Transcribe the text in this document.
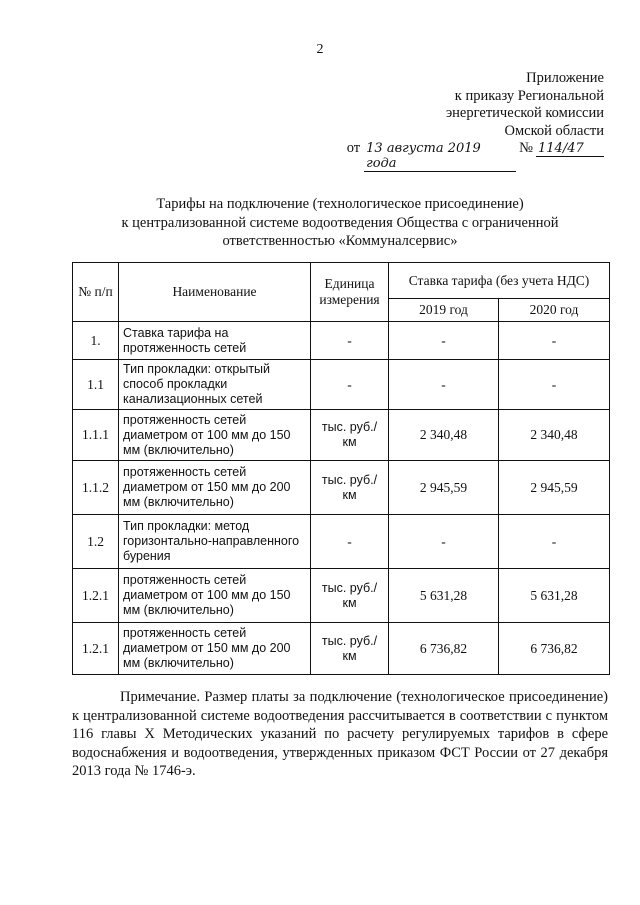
2
Приложение
к приказу Региональной
энергетической комиссии
Омской области
от 13 августа 2019 года
№ 114/47
Тарифы на подключение (технологическое присоединение)
к централизованной системе водоотведения Общества с ограниченной
ответственностью «Коммуналсервис»
№ п/п	Наименование	Единица измерения	Ставка тарифа (без учета НДС)	
			2019 год	2020 год
1.	Ставка тарифа на протяженность сетей	-	-	-
1.1	Тип прокладки: открытый способ прокладки канализационных сетей	-	-	-
1.1.1	протяженность сетей диаметром от 100 мм до 150 мм (включительно)	тыс. руб./ км	2 340,48	2 340,48
1.1.2	протяженность сетей диаметром от 150 мм до 200 мм (включительно)	тыс. руб./ км	2 945,59	2 945,59
1.2	Тип прокладки: метод горизонтально-направленного бурения	-	-	-
1.2.1	протяженность сетей диаметром от 100 мм до 150 мм (включительно)	тыс. руб./ км	5 631,28	5 631,28
1.2.1	протяженность сетей диаметром от 150 мм до 200 мм (включительно)	тыс. руб./ км	6 736,82	6 736,82
Примечание. Размер платы за подключение (технологическое присоединение) к централизованной системе водоотведения рассчитывается в соответствии с пунктом 116 главы X Методических указаний по расчету регулируемых тарифов в сфере водоснабжения и водоотведения, утвержденных приказом ФСТ России от 27 декабря 2013 года № 1746-э.
